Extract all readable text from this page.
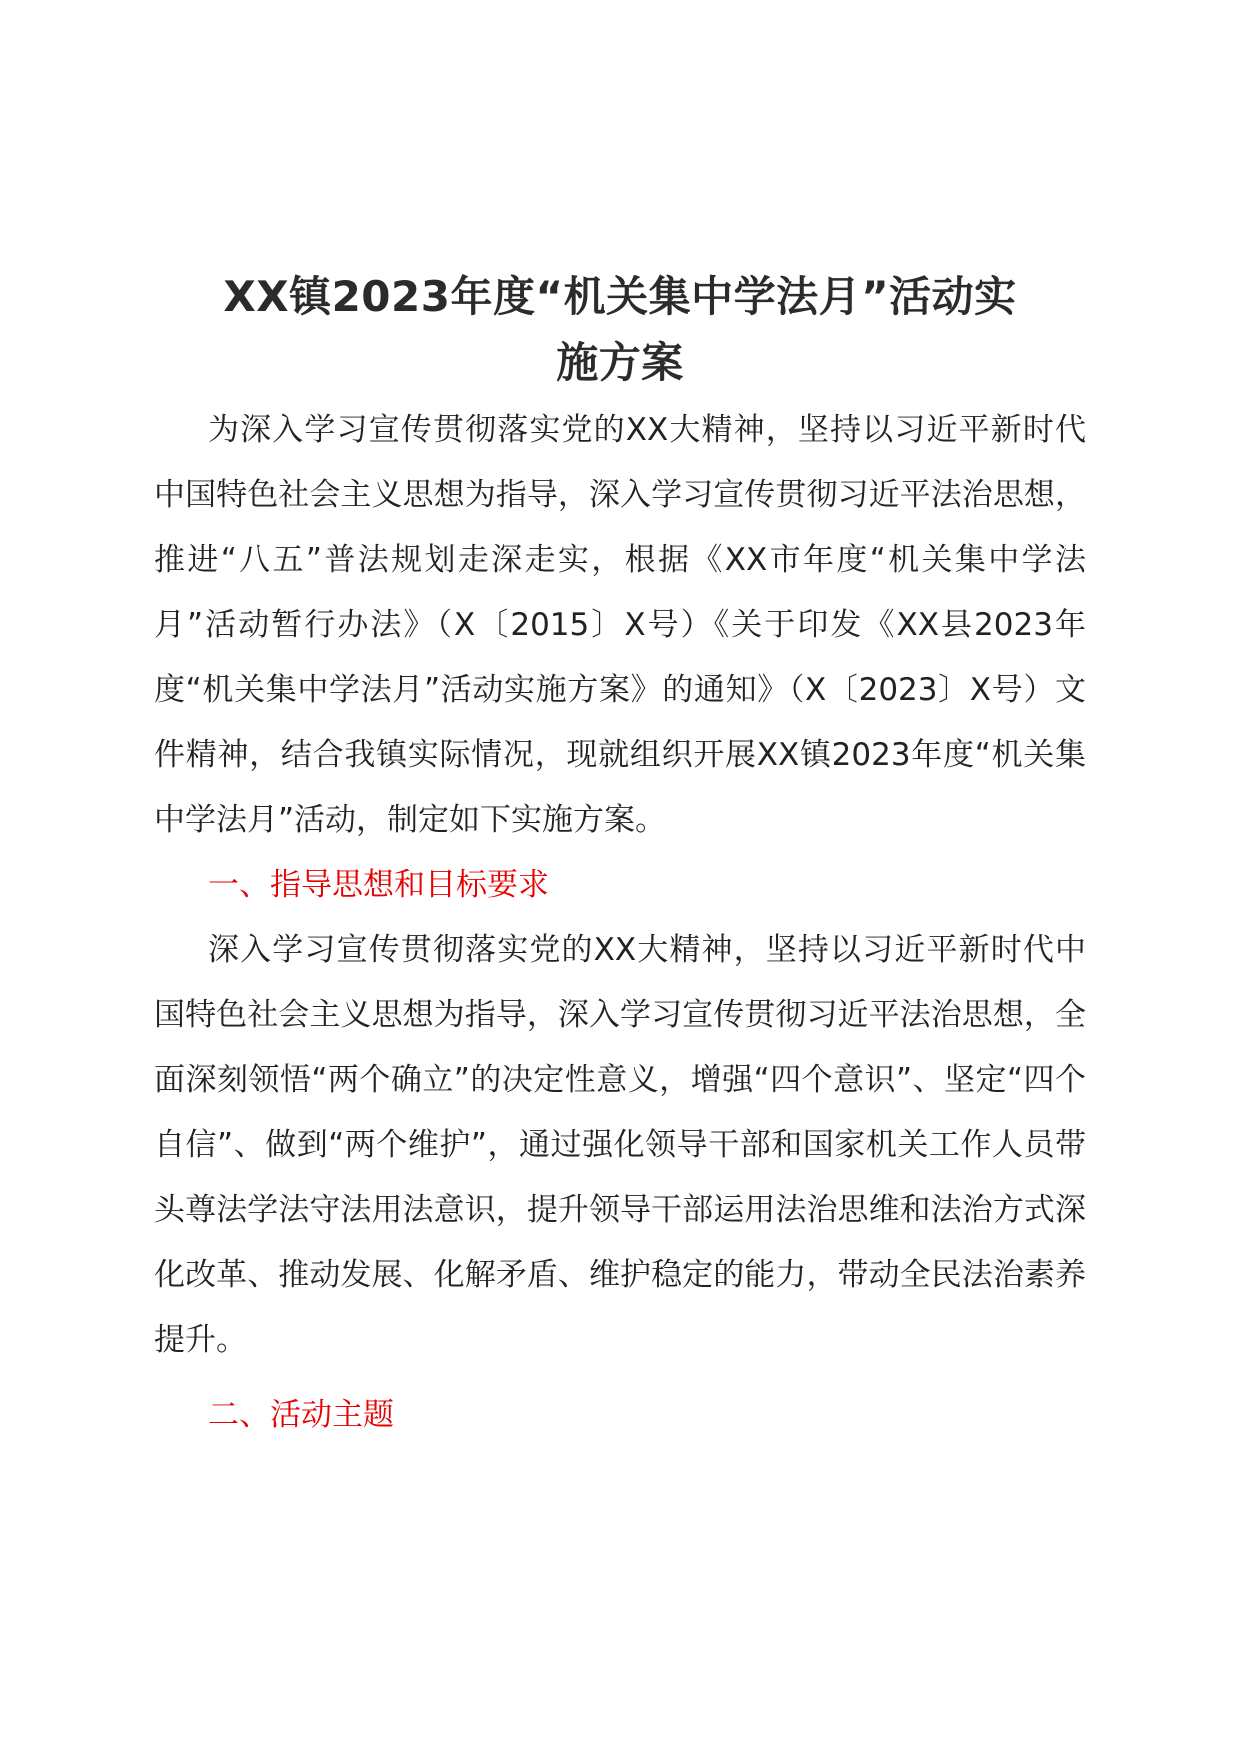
XX镇2023年度“机关集中学法月”活动实
施方案

为深入学习宣传贯彻落实党的XX大精神，坚持以习近平新时代中国特色社会主义思想为指导，深入学习宣传贯彻习近平法治思想，推进“八五”普法规划走深走实，根据《XX市年度“机关集中学法月”活动暂行办法》（X〔2015〕X号）《关于印发《XX县2023年度“机关集中学法月”活动实施方案》的通知》（X〔2023〕X号）文件精神，结合我镇实际情况，现就组织开展XX镇2023年度“机关集中学法月”活动，制定如下实施方案。

一、指导思想和目标要求

深入学习宣传贯彻落实党的XX大精神，坚持以习近平新时代中国特色社会主义思想为指导，深入学习宣传贯彻习近平法治思想，全面深刻领悟“两个确立”的决定性意义，增强“四个意识”、坚定“四个自信”、做到“两个维护”，通过强化领导干部和国家机关工作人员带头尊法学法守法用法意识，提升领导干部运用法治思维和法治方式深化改革、推动发展、化解矛盾、维护稳定的能力，带动全民法治素养提升。

二、活动主题
